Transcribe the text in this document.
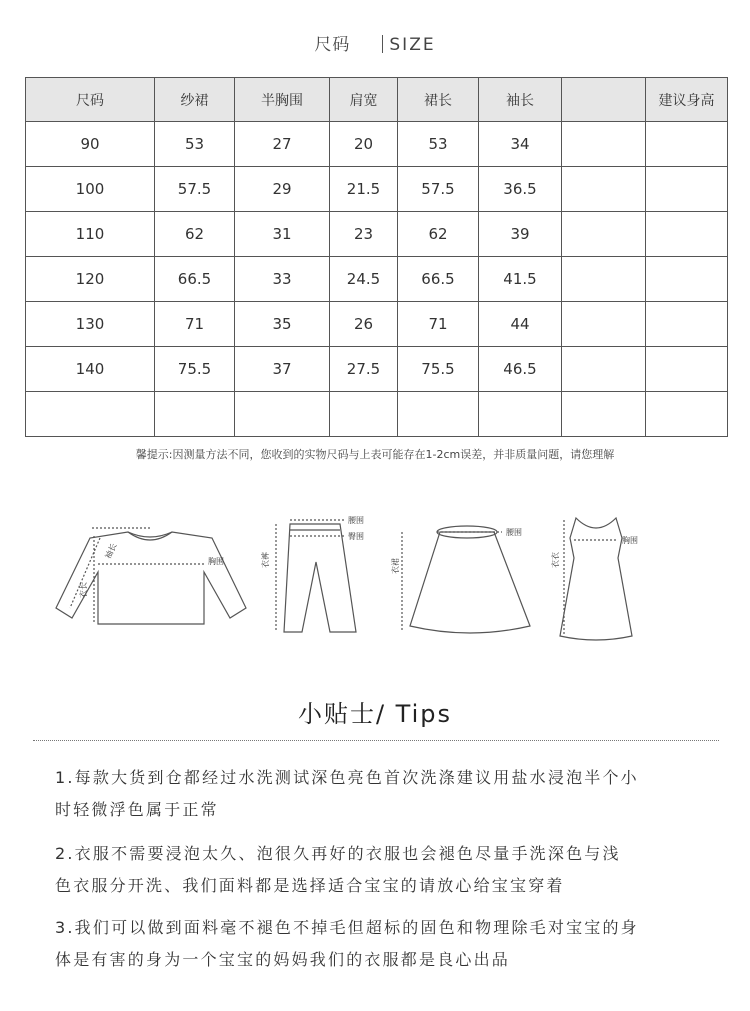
尺码 SIZE
尺码	纱裙	半胸围	肩宽	裙长	袖长		建议身高
90	53	27	20	53	34		
100	57.5	29	21.5	57.5	36.5		
110	62	31	23	62	39		
120	66.5	33	24.5	66.5	41.5		
130	71	35	26	71	44		
140	75.5	37	27.5	75.5	46.5		

馨提示:因测量方法不同，您收到的实物尺码与上表可能存在1-2cm误差，并非质量问题，请您理解
袖长
胸围
衣长
腰围
臀围
衣裤
腰围
衣裙
胸围
衣衣
小贴士/ Tips
1.每款大货到仓都经过水洗测试深色亮色首次洗涤建议用盐水浸泡半个小
时轻微浮色属于正常
2.衣服不需要浸泡太久、泡很久再好的衣服也会褪色尽量手洗深色与浅
色衣服分开洗、我们面料都是选择适合宝宝的请放心给宝宝穿着
3.我们可以做到面料毫不褪色不掉毛但超标的固色和物理除毛对宝宝的身
体是有害的身为一个宝宝的妈妈我们的衣服都是良心出品
